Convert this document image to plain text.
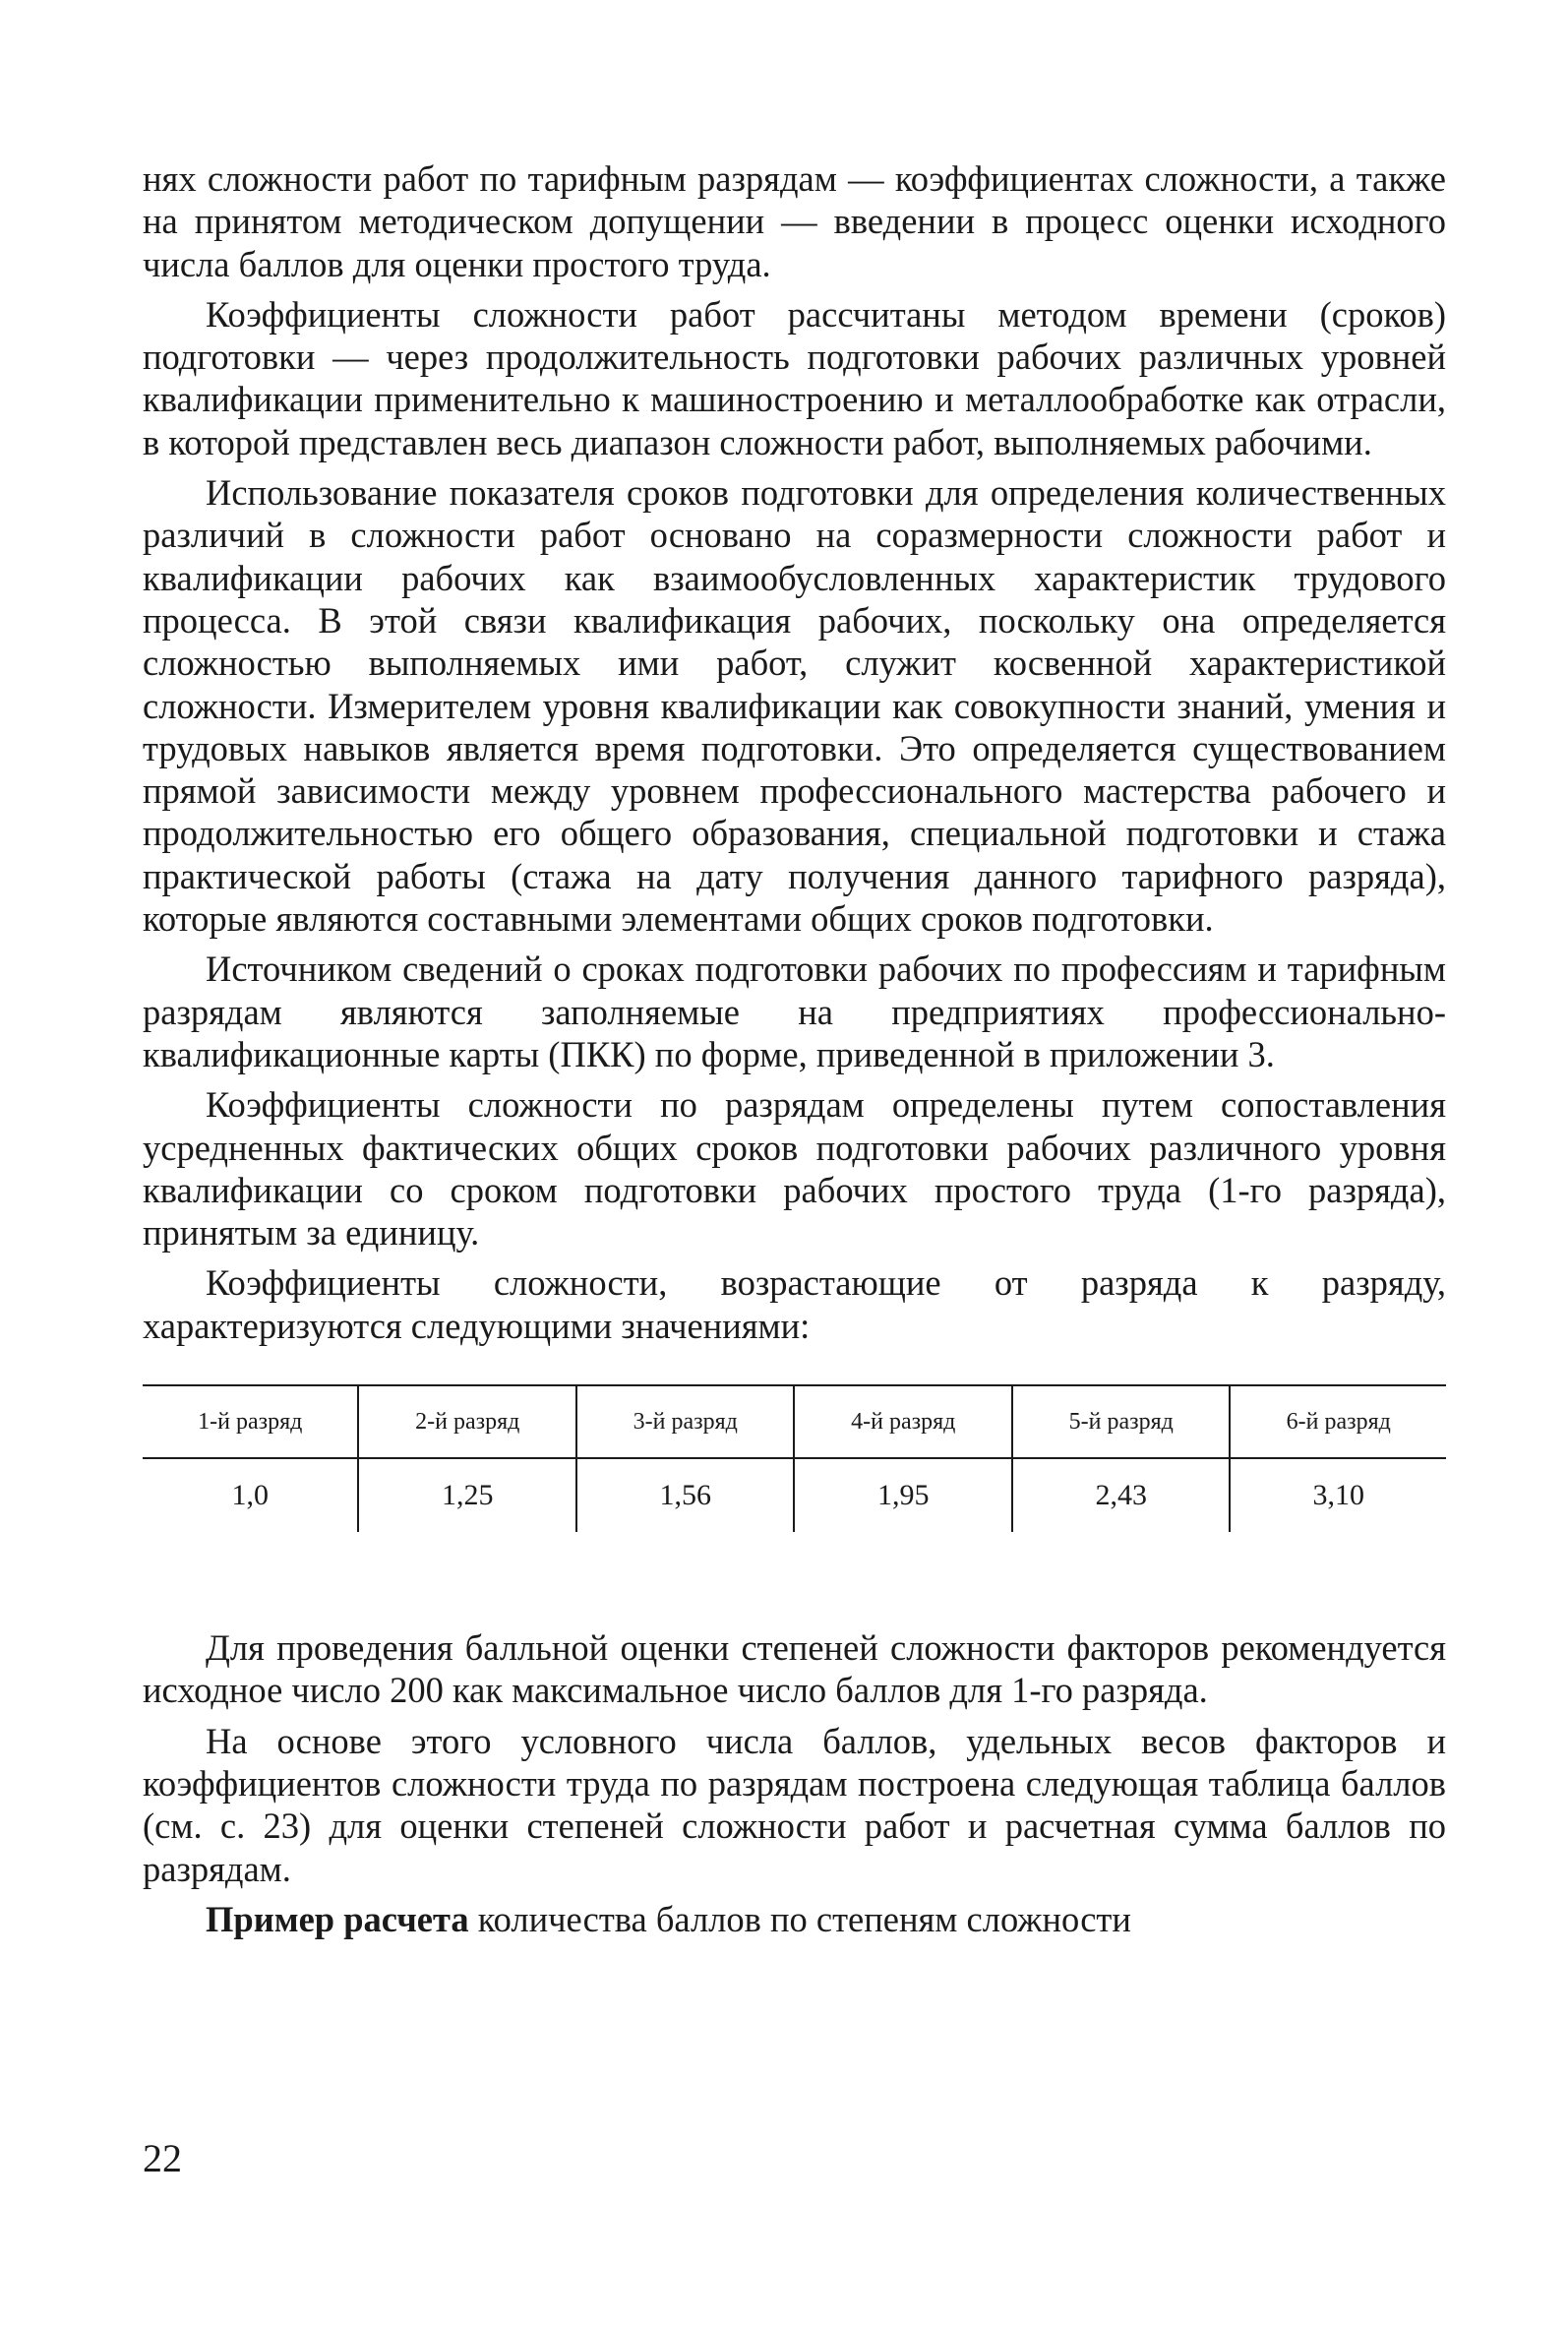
нях сложности работ по тарифным разрядам — коэффициентах сложности, а также на принятом методическом допущении — введении в процесс оценки исходного числа баллов для оценки простого труда.

Коэффициенты сложности работ рассчитаны методом времени (сроков) подготовки — через продолжительность подготовки рабочих различных уровней квалификации применительно к машиностроению и металлообработке как отрасли, в которой представлен весь диапазон сложности работ, выполняемых рабочими.

Использование показателя сроков подготовки для определения количественных различий в сложности работ основано на соразмерности сложности работ и квалификации рабочих как взаимообусловленных характеристик трудового процесса. В этой связи квалификация рабочих, поскольку она определяется сложностью выполняемых ими работ, служит косвенной характеристикой сложности. Измерителем уровня квалификации как совокупности знаний, умения и трудовых навыков является время подготовки. Это определяется существованием прямой зависимости между уровнем профессионального мастерства рабочего и продолжительностью его общего образования, специальной подготовки и стажа практической работы (стажа на дату получения данного тарифного разряда), которые являются составными элементами общих сроков подготовки.

Источником сведений о сроках подготовки рабочих по профессиям и тарифным разрядам являются заполняемые на предприятиях профессионально-квалификационные карты (ПКК) по форме, приведенной в приложении 3.

Коэффициенты сложности по разрядам определены путем сопоставления усредненных фактических общих сроков подготовки рабочих различного уровня квалификации со сроком подготовки рабочих простого труда (1-го разряда), принятым за единицу.

Коэффициенты сложности, возрастающие от разряда к разряду, характеризуются следующими значениями:

1-й разряд	2-й разряд	3-й разряд	4-й разряд	5-й разряд	6-й разряд
1,0	1,25	1,56	1,95	2,43	3,10

Для проведения балльной оценки степеней сложности факторов рекомендуется исходное число 200 как максимальное число баллов для 1-го разряда.

На основе этого условного числа баллов, удельных весов факторов и коэффициентов сложности труда по разрядам построена следующая таблица баллов (см. с. 23) для оценки степеней сложности работ и расчетная сумма баллов по разрядам.

Пример расчета количества баллов по степеням сложности

22
